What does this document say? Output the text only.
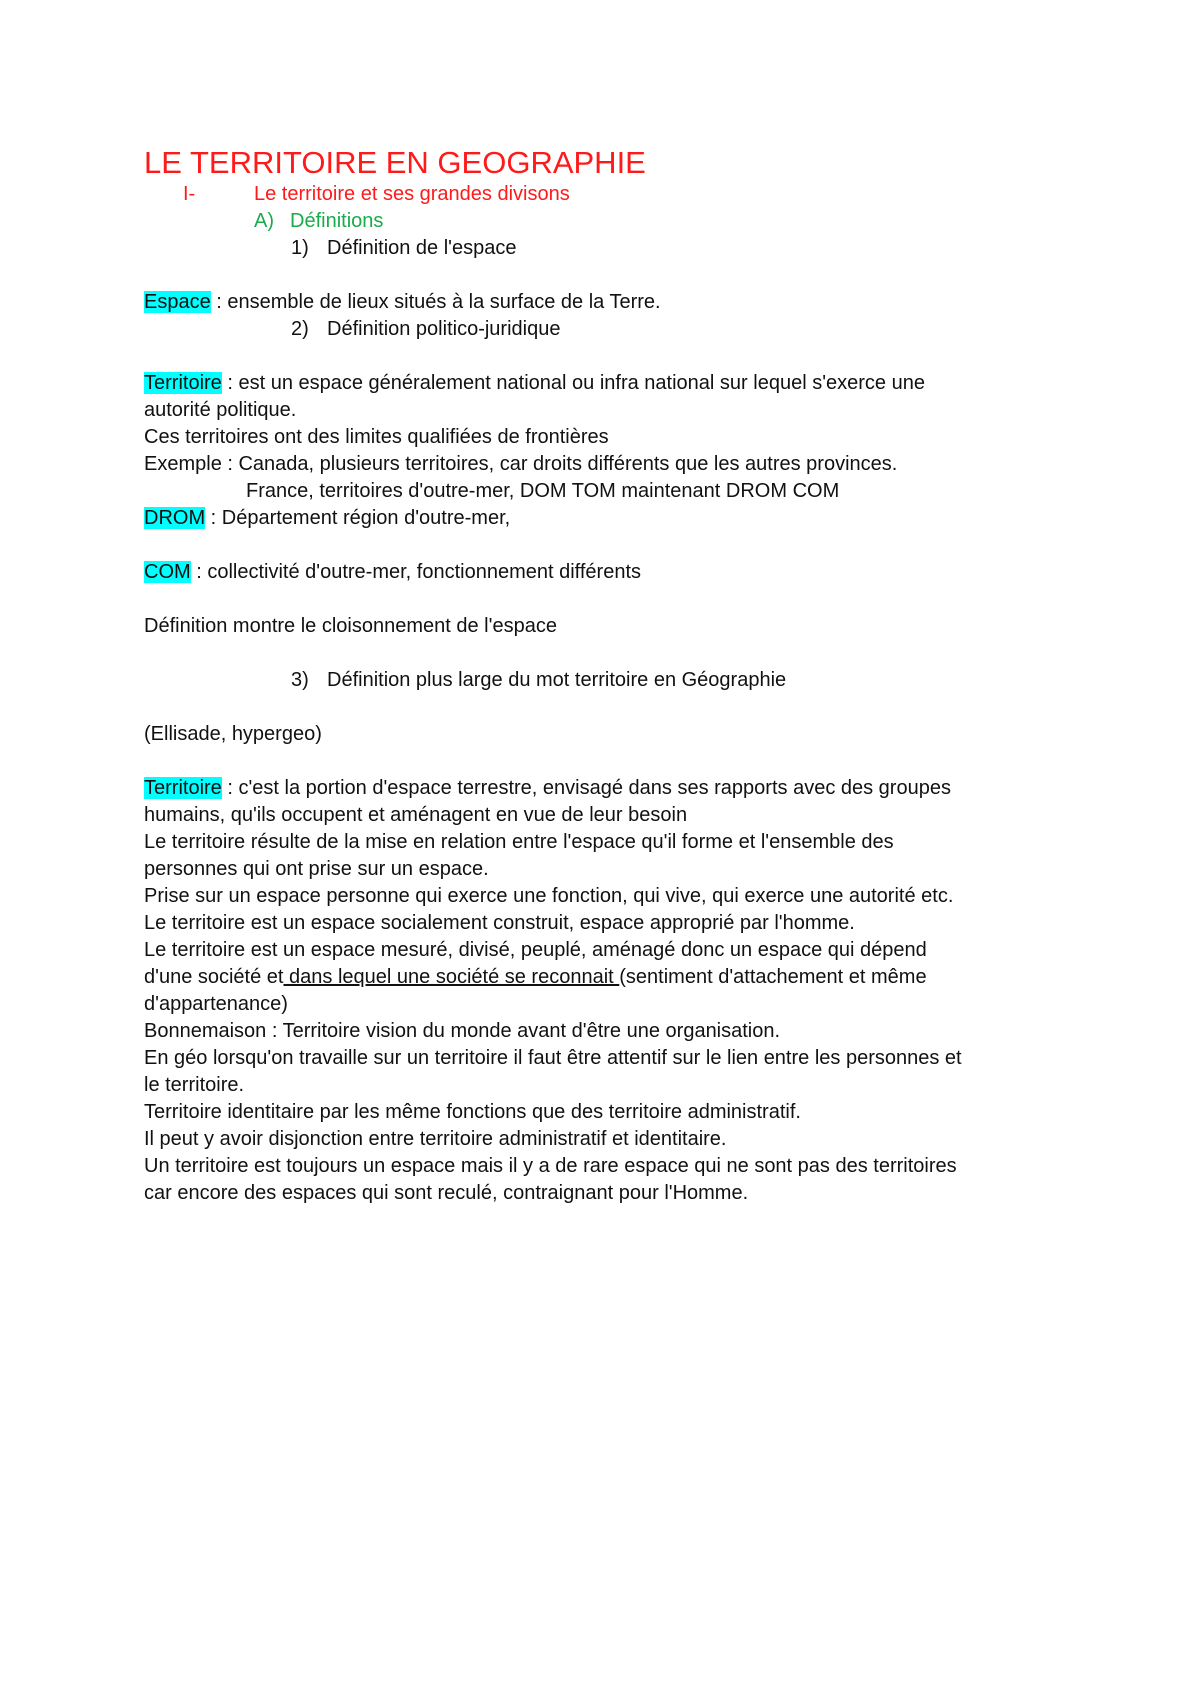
LE TERRITOIRE EN GEOGRAPHIE
I-	Le territoire et ses grandes divisons
A) Définitions
1) Définition de l'espace
Espace : ensemble de lieux situés à la surface de la Terre.
2) Définition politico-juridique
Territoire : est un espace généralement national ou infra national sur lequel s'exerce une
autorité politique.
Ces territoires ont des limites qualifiées de frontières
Exemple : Canada, plusieurs territoires, car droits différents que les autres provinces.
France, territoires d'outre-mer, DOM TOM maintenant DROM COM
DROM : Département région d'outre-mer,
COM : collectivité d'outre-mer, fonctionnement différents
Définition montre le cloisonnement de l'espace
3) Définition plus large du mot territoire en Géographie
(Ellisade, hypergeo)
Territoire : c'est la portion d'espace terrestre, envisagé dans ses rapports avec des groupes
humains, qu'ils occupent et aménagent en vue de leur besoin
Le territoire résulte de la mise en relation entre l'espace qu'il forme et l'ensemble des
personnes qui ont prise sur un espace.
Prise sur un espace personne qui exerce une fonction, qui vive, qui exerce une autorité etc.
Le territoire est un espace socialement construit, espace approprié par l'homme.
Le territoire est un espace mesuré, divisé, peuplé, aménagé donc un espace qui dépend
d'une société et dans lequel une société se reconnait (sentiment d'attachement et même
d'appartenance)
Bonnemaison : Territoire vision du monde avant d'être une organisation.
En géo lorsqu'on travaille sur un territoire il faut être attentif sur le lien entre les personnes et
le territoire.
Territoire identitaire par les même fonctions que des territoire administratif.
Il peut y avoir disjonction entre territoire administratif et identitaire.
Un territoire est toujours un espace mais il y a de rare espace qui ne sont pas des territoires
car encore des espaces qui sont reculé, contraignant pour l'Homme.
